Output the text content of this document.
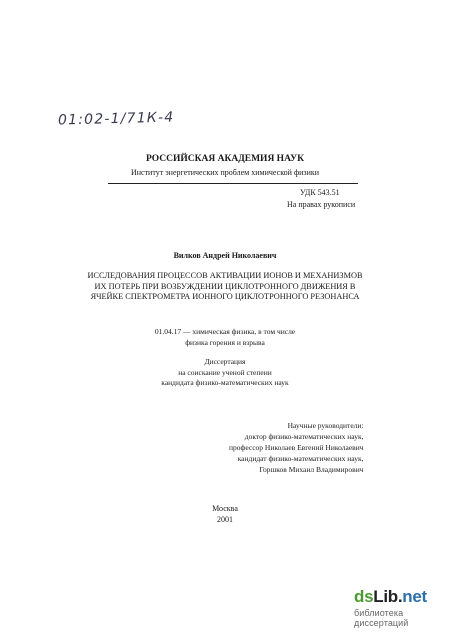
01:02-1/71К-4
РОССИЙСКАЯ АКАДЕМИЯ НАУК
Институт энергетических проблем химической физики
УДК 543.51
На правах рукописи
Вилков Андрей Николаевич
ИССЛЕДОВАНИЯ ПРОЦЕССОВ АКТИВАЦИИ ИОНОВ И МЕХАНИЗМОВ
ИХ ПОТЕРЬ ПРИ ВОЗБУЖДЕНИИ ЦИКЛОТРОННОГО ДВИЖЕНИЯ В
ЯЧЕЙКЕ СПЕКТРОМЕТРА ИОННОГО ЦИКЛОТРОННОГО РЕЗОНАНСА
01.04.17 — химическая физика, в том числе
физика горения и взрыва
Диссертация
на соискание ученой степени
кандидата физико-математических наук
Научные руководители:
доктор физико-математических наук,
профессор Николаев Евгений Николаевич
кандидат физико-математических наук,
Горшков Михаил Владимирович
Москва
2001
dsLib.net
библиотека диссертаций
